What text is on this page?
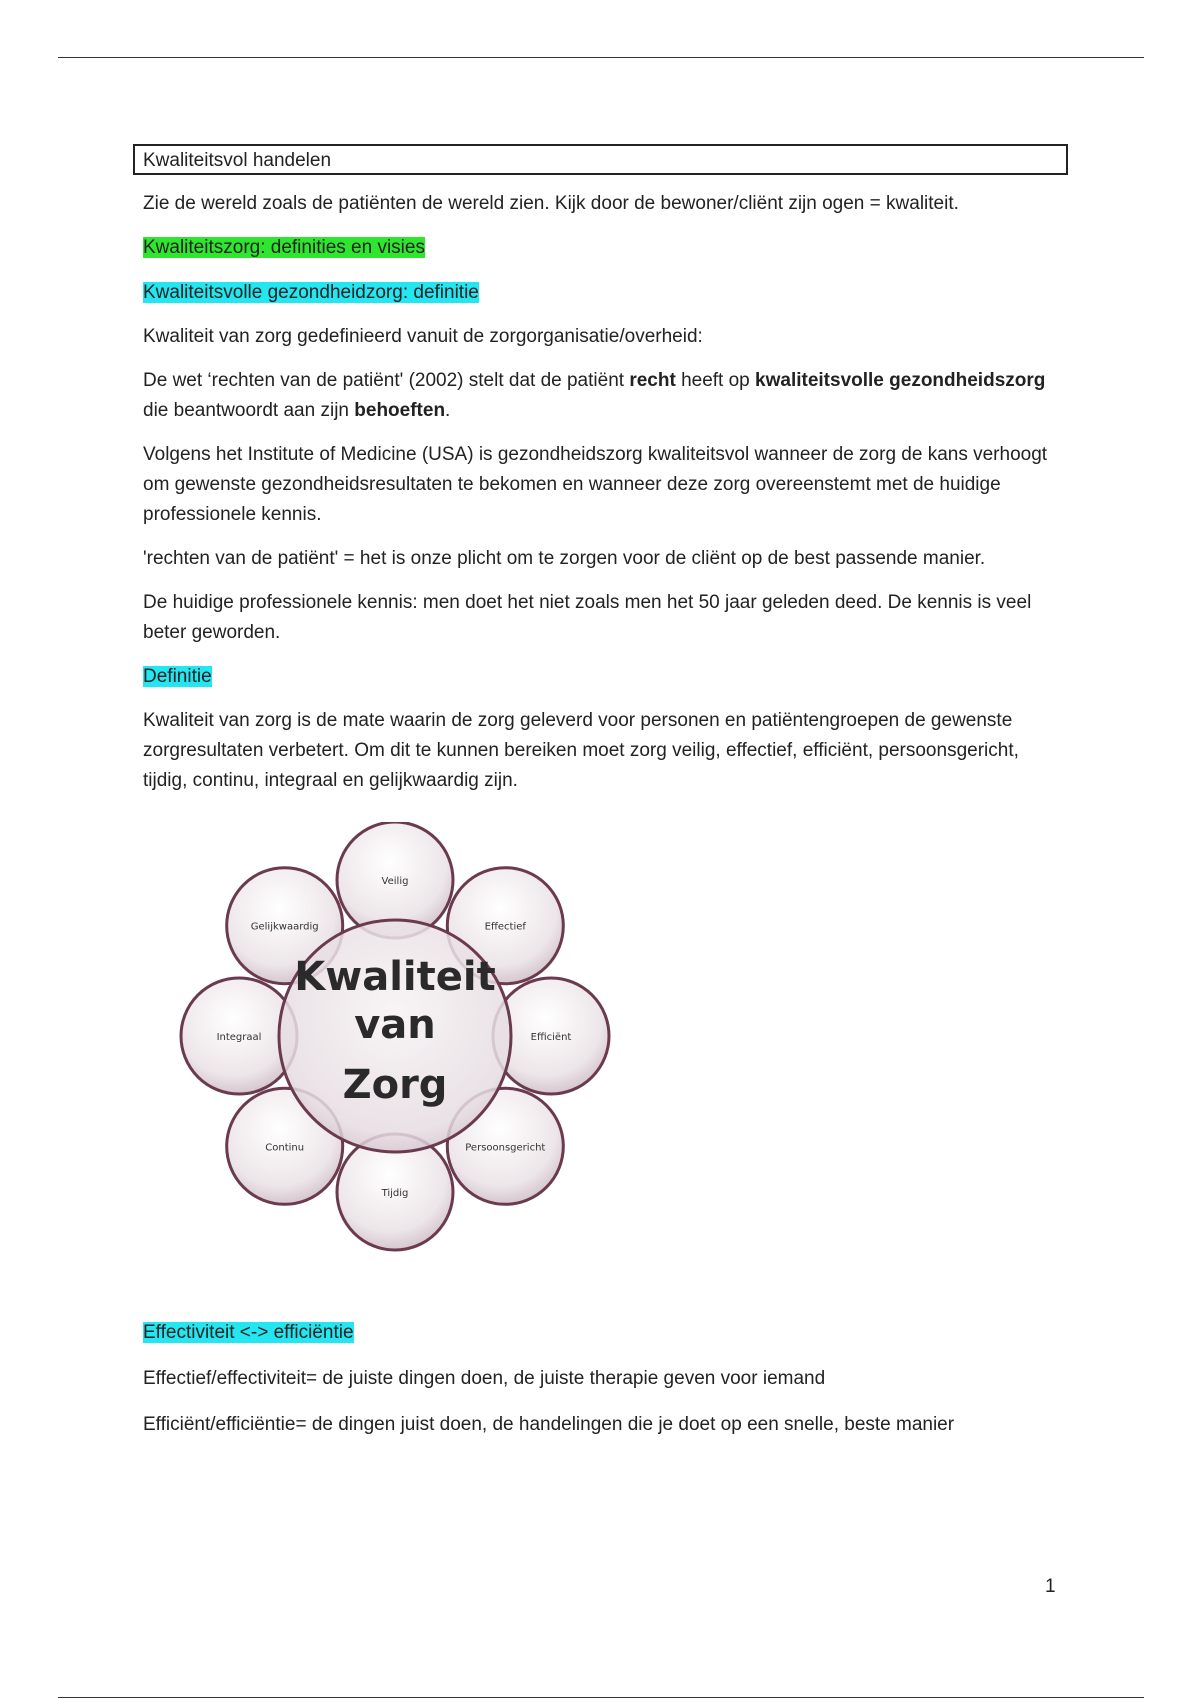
Kwaliteitsvol handelen

Zie de wereld zoals de patiënten de wereld zien. Kijk door de bewoner/cliënt zijn ogen = kwaliteit.

Kwaliteitszorg: definities en visies

Kwaliteitsvolle gezondheidzorg: definitie

Kwaliteit van zorg gedefinieerd vanuit de zorgorganisatie/overheid:

De wet ‘rechten van de patiënt' (2002) stelt dat de patiënt recht heeft op kwaliteitsvolle gezondheidszorg die beantwoordt aan zijn behoeften.

Volgens het Institute of Medicine (USA) is gezondheidszorg kwaliteitsvol wanneer de zorg de kans verhoogt om gewenste gezondheidsresultaten te bekomen en wanneer deze zorg overeenstemt met de huidige professionele kennis.

'rechten van de patiënt' = het is onze plicht om te zorgen voor de cliënt op de best passende manier.

De huidige professionele kennis: men doet het niet zoals men het 50 jaar geleden deed. De kennis is veel beter geworden.

Definitie

Kwaliteit van zorg is de mate waarin de zorg geleverd voor personen en patiëntengroepen de gewenste zorgresultaten verbetert. Om dit te kunnen bereiken moet zorg veilig, effectief, efficiënt, persoonsgericht, tijdig, continu, integraal en gelijkwaardig zijn.

Veilig
Effectief
Efficiënt
Persoonsgericht
Tijdig
Continu
Integraal
Gelijkwaardig
Kwaliteit
van
Zorg

Effectiviteit <-> efficiëntie

Effectief/effectiviteit= de juiste dingen doen, de juiste therapie geven voor iemand

Efficiënt/efficiëntie= de dingen juist doen, de handelingen die je doet op een snelle, beste manier

1
